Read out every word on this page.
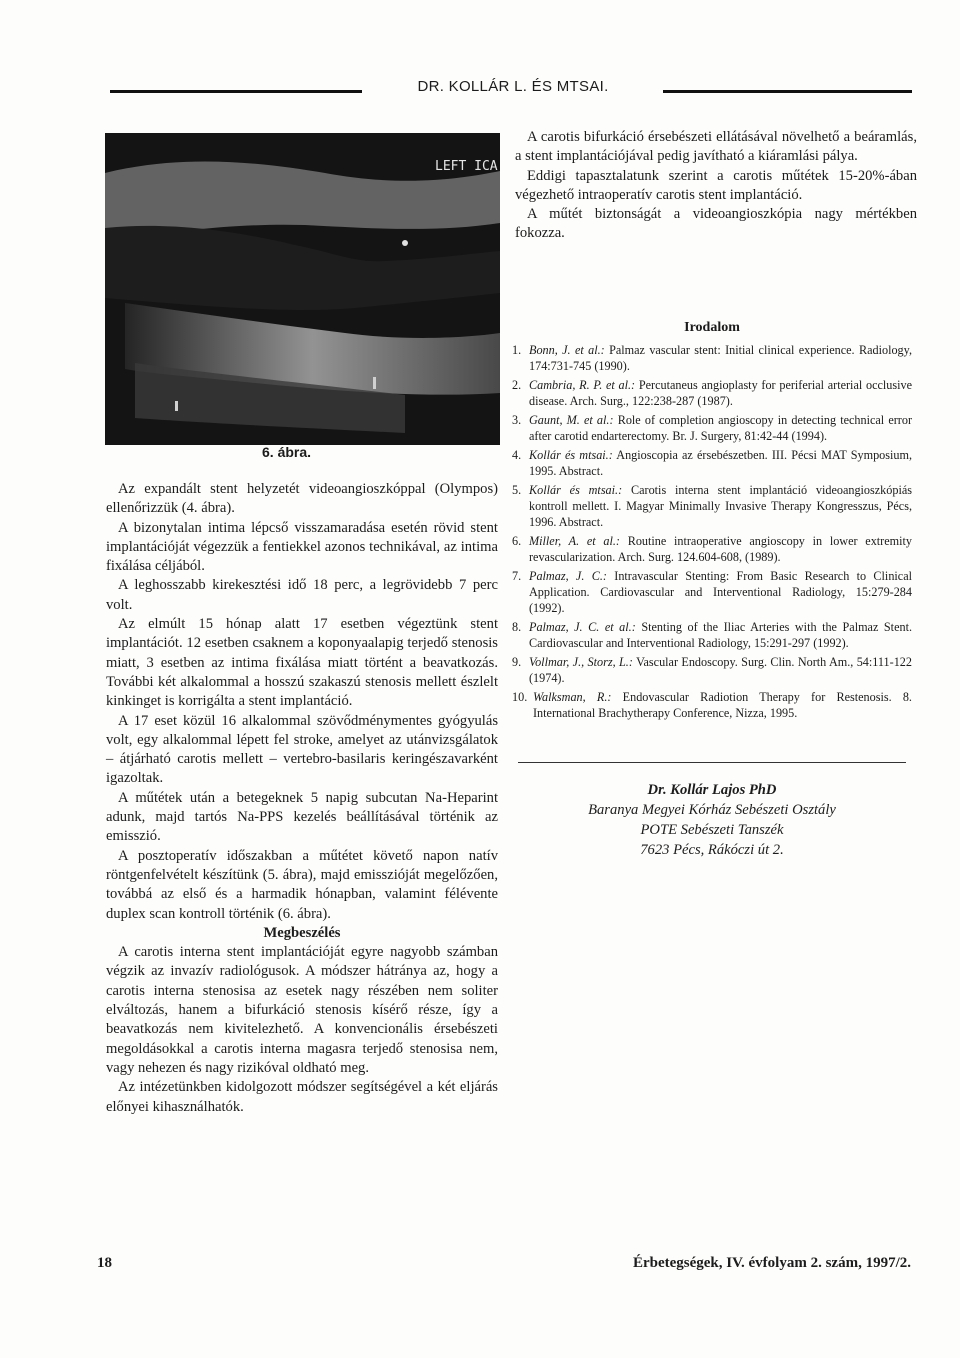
DR. KOLLÁR L. ÉS MTSAI.
LEFT ICA
6. ábra.

Az expandált stent helyzetét videoangioszkóppal (Olympos) ellenőrizzük (4. ábra).

A bizonytalan intima lépcső visszamaradása esetén rövid stent implantációját végezzük a fentiekkel azonos technikával, az intima fixálása céljából.

A leghosszabb kirekesztési idő 18 perc, a legrövidebb 7 perc volt.

Az elmúlt 15 hónap alatt 17 esetben végeztünk stent implantációt. 12 esetben csaknem a koponyaalapig terjedő stenosis miatt, 3 esetben az intima fixálása miatt történt a beavatkozás. További két alkalommal a hosszú szakaszú stenosis mellett észlelt kinkinget is korrigálta a stent implantáció.

A 17 eset közül 16 alkalommal szövődménymentes gyógyulás volt, egy alkalommal lépett fel stroke, amelyet az utánvizsgálatok – átjárható carotis mellett – vertebro-basilaris keringészavarként igazoltak.

A műtétek után a betegeknek 5 napig subcutan Na-Heparint adunk, majd tartós Na-PPS kezelés beállításával történik az emisszió.

A posztoperatív időszakban a műtétet követő napon natív röntgenfelvételt készítünk (5. ábra), majd emisszióját megelőzően, továbbá az első és a harmadik hónapban, valamint félévente duplex scan kontroll történik (6. ábra).

Megbeszélés

A carotis interna stent implantációját egyre nagyobb számban végzik az invazív radiológusok. A módszer hátránya az, hogy a carotis interna stenosisa az esetek nagy részében nem soliter elváltozás, hanem a bifurkáció stenosis kísérő része, így a beavatkozás nem kivitelezhető. A konvencionális érsebészeti megoldásokkal a carotis interna magasra terjedő stenosisa nem, vagy nehezen és nagy rizikóval oldható meg.

Az intézetünkben kidolgozott módszer segítségével a két eljárás előnyei kihasználhatók.

A carotis bifurkáció érsebészeti ellátásával növelhető a beáramlás, a stent implantációjával pedig javítható a kiáramlási pálya.

Eddigi tapasztalatunk szerint a carotis műtétek 15-20%-ában végezhető intraoperatív carotis stent implantáció.

A műtét biztonságát a videoangioszkópia nagy mértékben fokozza.

Irodalom

1. Bonn, J. et al.: Palmaz vascular stent: Initial clinical experience. Radiology, 174:731-745 (1990).
2. Cambria, R. P. et al.: Percutaneus angioplasty for periferial arterial occlusive disease. Arch. Surg., 122:238-287 (1987).
3. Gaunt, M. et al.: Role of completion angioscopy in detecting technical error after carotid endarterectomy. Br. J. Surgery, 81:42-44 (1994).
4. Kollár és mtsai.: Angioscopia az érsebészetben. III. Pécsi MAT Symposium, 1995. Abstract.
5. Kollár és mtsai.: Carotis interna stent implantáció videoangioszkópiás kontroll mellett. I. Magyar Minimally Invasive Therapy Kongresszus, Pécs, 1996. Abstract.
6. Miller, A. et al.: Routine intraoperative angioscopy in lower extremity revascularization. Arch. Surg. 124.604-608, (1989).
7. Palmaz, J. C.: Intravascular Stenting: From Basic Research to Clinical Application. Cardiovascular and Interventional Radiology, 15:279-284 (1992).
8. Palmaz, J. C. et al.: Stenting of the Iliac Arteries with the Palmaz Stent. Cardiovascular and Interventional Radiology, 15:291-297 (1992).
9. Vollmar, J., Storz, L.: Vascular Endoscopy. Surg. Clin. North Am., 54:111-122 (1974).
10. Walksman, R.: Endovascular Radiotion Therapy for Restenosis. 8. International Brachytherapy Conference, Nizza, 1995.
Dr. Kollár Lajos PhD
Baranya Megyei Kórház Sebészeti Osztály
POTE Sebészeti Tanszék
7623 Pécs, Rákóczi út 2.
18	Érbetegségek, IV. évfolyam 2. szám, 1997/2.
